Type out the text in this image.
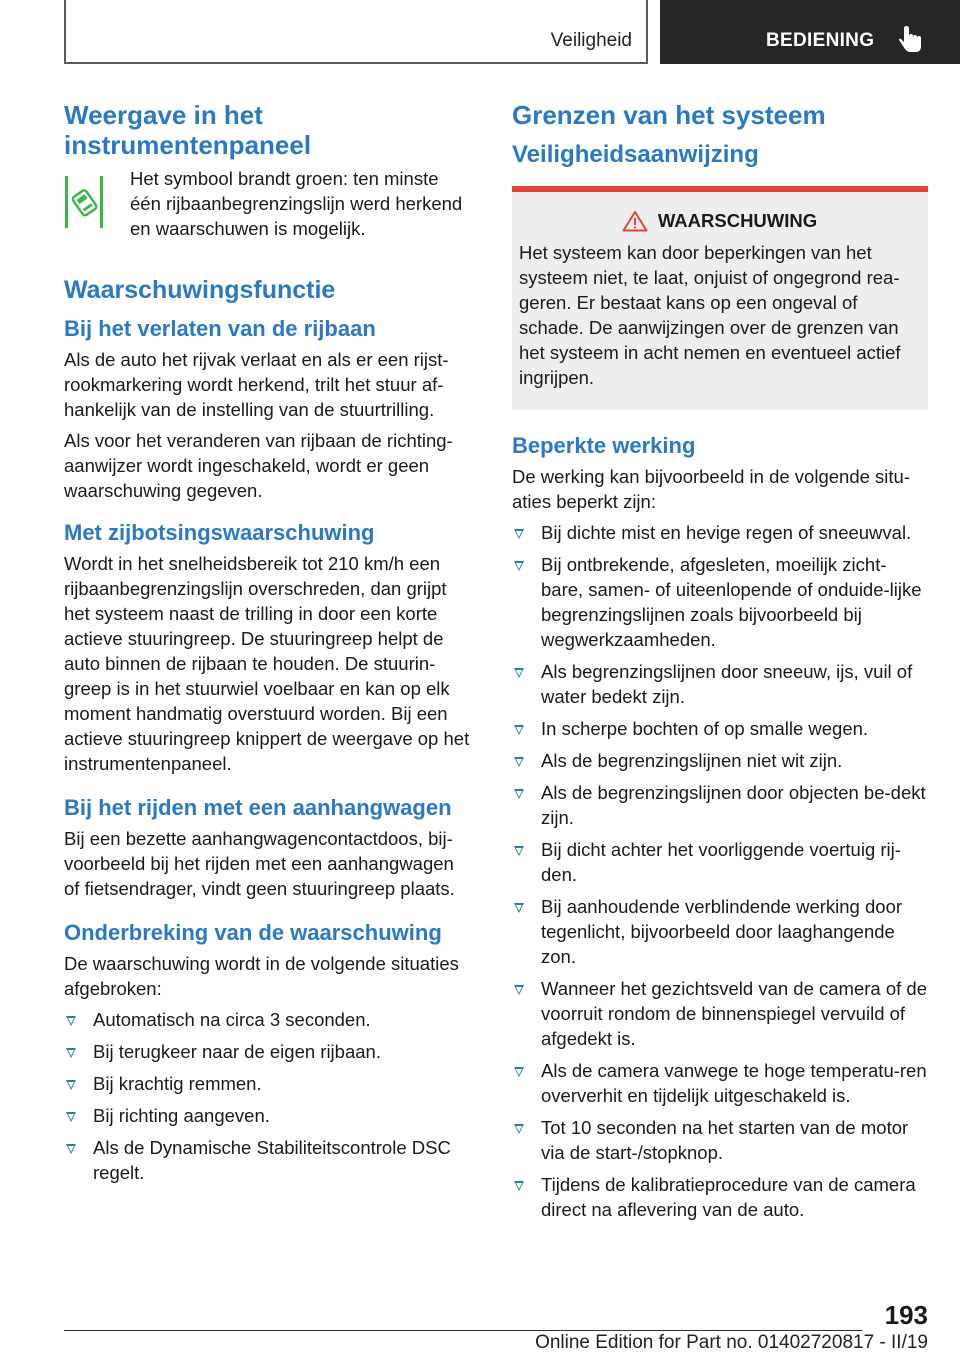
Veiligheid	BEDIENING
Weergave in het instrumentenpaneel
Het symbool brandt groen: ten minste één rijbaanbegrenzingslijn werd herkend en waarschuwen is mogelijk.
Waarschuwingsfunctie
Bij het verlaten van de rijbaan

Als de auto het rijvak verlaat en als er een rijst-rookmarkering wordt herkend, trilt het stuur af-hankelijk van de instelling van de stuurtrilling.

Als voor het veranderen van rijbaan de richting-aanwijzer wordt ingeschakeld, wordt er geen waarschuwing gegeven.

Met zijbotsingswaarschuwing

Wordt in het snelheidsbereik tot 210 km/h een rijbaanbegrenzingslijn overschreden, dan grijpt het systeem naast de trilling in door een korte actieve stuuringreep. De stuuringreep helpt de auto binnen de rijbaan te houden. De stuurin-greep is in het stuurwiel voelbaar en kan op elk moment handmatig overstuurd worden. Bij een actieve stuuringreep knippert de weergave op het instrumentenpaneel.

Bij het rijden met een aanhangwagen

Bij een bezette aanhangwagencontactdoos, bij-voorbeeld bij het rijden met een aanhangwagen of fietsendrager, vindt geen stuuringreep plaats.

Onderbreking van de waarschuwing

De waarschuwing wordt in de volgende situaties afgebroken:

Automatisch na circa 3 seconden.
Bij terugkeer naar de eigen rijbaan.
Bij krachtig remmen.
Bij richting aangeven.
Als de Dynamische Stabiliteitscontrole DSC regelt.
Grenzen van het systeem
Veiligheidsaanwijzing
WAARSCHUWING

Het systeem kan door beperkingen van het systeem niet, te laat, onjuist of ongegrond rea-geren. Er bestaat kans op een ongeval of schade. De aanwijzingen over de grenzen van het systeem in acht nemen en eventueel actief ingrijpen.

Beperkte werking

De werking kan bijvoorbeeld in de volgende situ-aties beperkt zijn:

Bij dichte mist en hevige regen of sneeuwval.
Bij ontbrekende, afgesleten, moeilijk zicht-bare, samen- of uiteenlopende of onduide-lijke begrenzingslijnen zoals bijvoorbeeld bij wegwerkzaamheden.
Als begrenzingslijnen door sneeuw, ijs, vuil of water bedekt zijn.
In scherpe bochten of op smalle wegen.
Als de begrenzingslijnen niet wit zijn.
Als de begrenzingslijnen door objecten be-dekt zijn.
Bij dicht achter het voorliggende voertuig rij-den.
Bij aanhoudende verblindende werking door tegenlicht, bijvoorbeeld door laaghangende zon.
Wanneer het gezichtsveld van de camera of de voorruit rondom de binnenspiegel vervuild of afgedekt is.
Als de camera vanwege te hoge temperatu-ren oververhit en tijdelijk uitgeschakeld is.
Tot 10 seconden na het starten van de motor via de start-/stopknop.
Tijdens de kalibratieprocedure van de camera direct na aflevering van de auto.
193
Online Edition for Part no. 01402720817 - II/19
